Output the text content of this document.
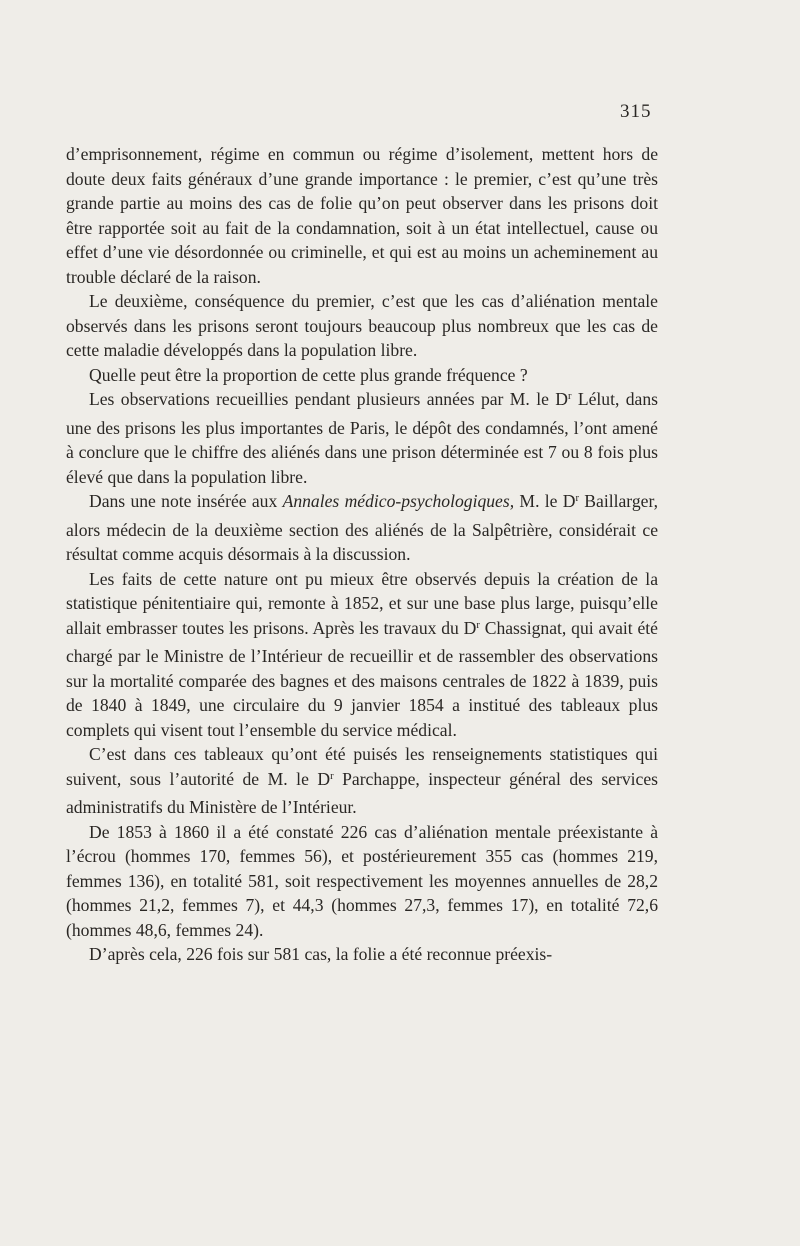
315

d’emprisonnement, régime en commun ou régime d’isolement, mettent hors de doute deux faits généraux d’une grande importance : le premier, c’est qu’une très grande partie au moins des cas de folie qu’on peut observer dans les prisons doit être rapportée soit au fait de la condamnation, soit à un état intellectuel, cause ou effet d’une vie désordonnée ou criminelle, et qui est au moins un acheminement au trouble déclaré de la raison.

Le deuxième, conséquence du premier, c’est que les cas d’aliénation mentale observés dans les prisons seront toujours beaucoup plus nombreux que les cas de cette maladie développés dans la population libre.

Quelle peut être la proportion de cette plus grande fréquence ?

Les observations recueillies pendant plusieurs années par M. le $D^r$ Lélut, dans une des prisons les plus importantes de Paris, le dépôt des condamnés, l’ont amené à conclure que le chiffre des aliénés dans une prison déterminée est 7 ou 8 fois plus élevé que dans la population libre.

Dans une note insérée aux Annales médico-psychologiques, M. le $D^r$ Baillarger, alors médecin de la deuxième section des aliénés de la Salpêtrière, considérait ce résultat comme acquis désormais à la discussion.

Les faits de cette nature ont pu mieux être observés depuis la création de la statistique pénitentiaire qui, remonte à 1852, et sur une base plus large, puisqu’elle allait embrasser toutes les prisons. Après les travaux du $D^r$ Chassignat, qui avait été chargé par le Ministre de l’Intérieur de recueillir et de rassembler des observations sur la mortalité comparée des bagnes et des maisons centrales de 1822 à 1839, puis de 1840 à 1849, une circulaire du 9 janvier 1854 a institué des tableaux plus complets qui visent tout l’ensemble du service médical.

C’est dans ces tableaux qu’ont été puisés les renseignements statistiques qui suivent, sous l’autorité de M. le $D^r$ Parchappe, inspecteur général des services administratifs du Ministère de l’Intérieur.

De 1853 à 1860 il a été constaté 226 cas d’aliénation mentale préexistante à l’écrou (hommes 170, femmes 56), et postérieurement 355 cas (hommes 219, femmes 136), en totalité 581, soit respectivement les moyennes annuelles de 28,2 (hommes 21,2, femmes 7), et 44,3 (hommes 27,3, femmes 17), en totalité 72,6 (hommes 48,6, femmes 24).

D’après cela, 226 fois sur 581 cas, la folie a été reconnue préexis-
